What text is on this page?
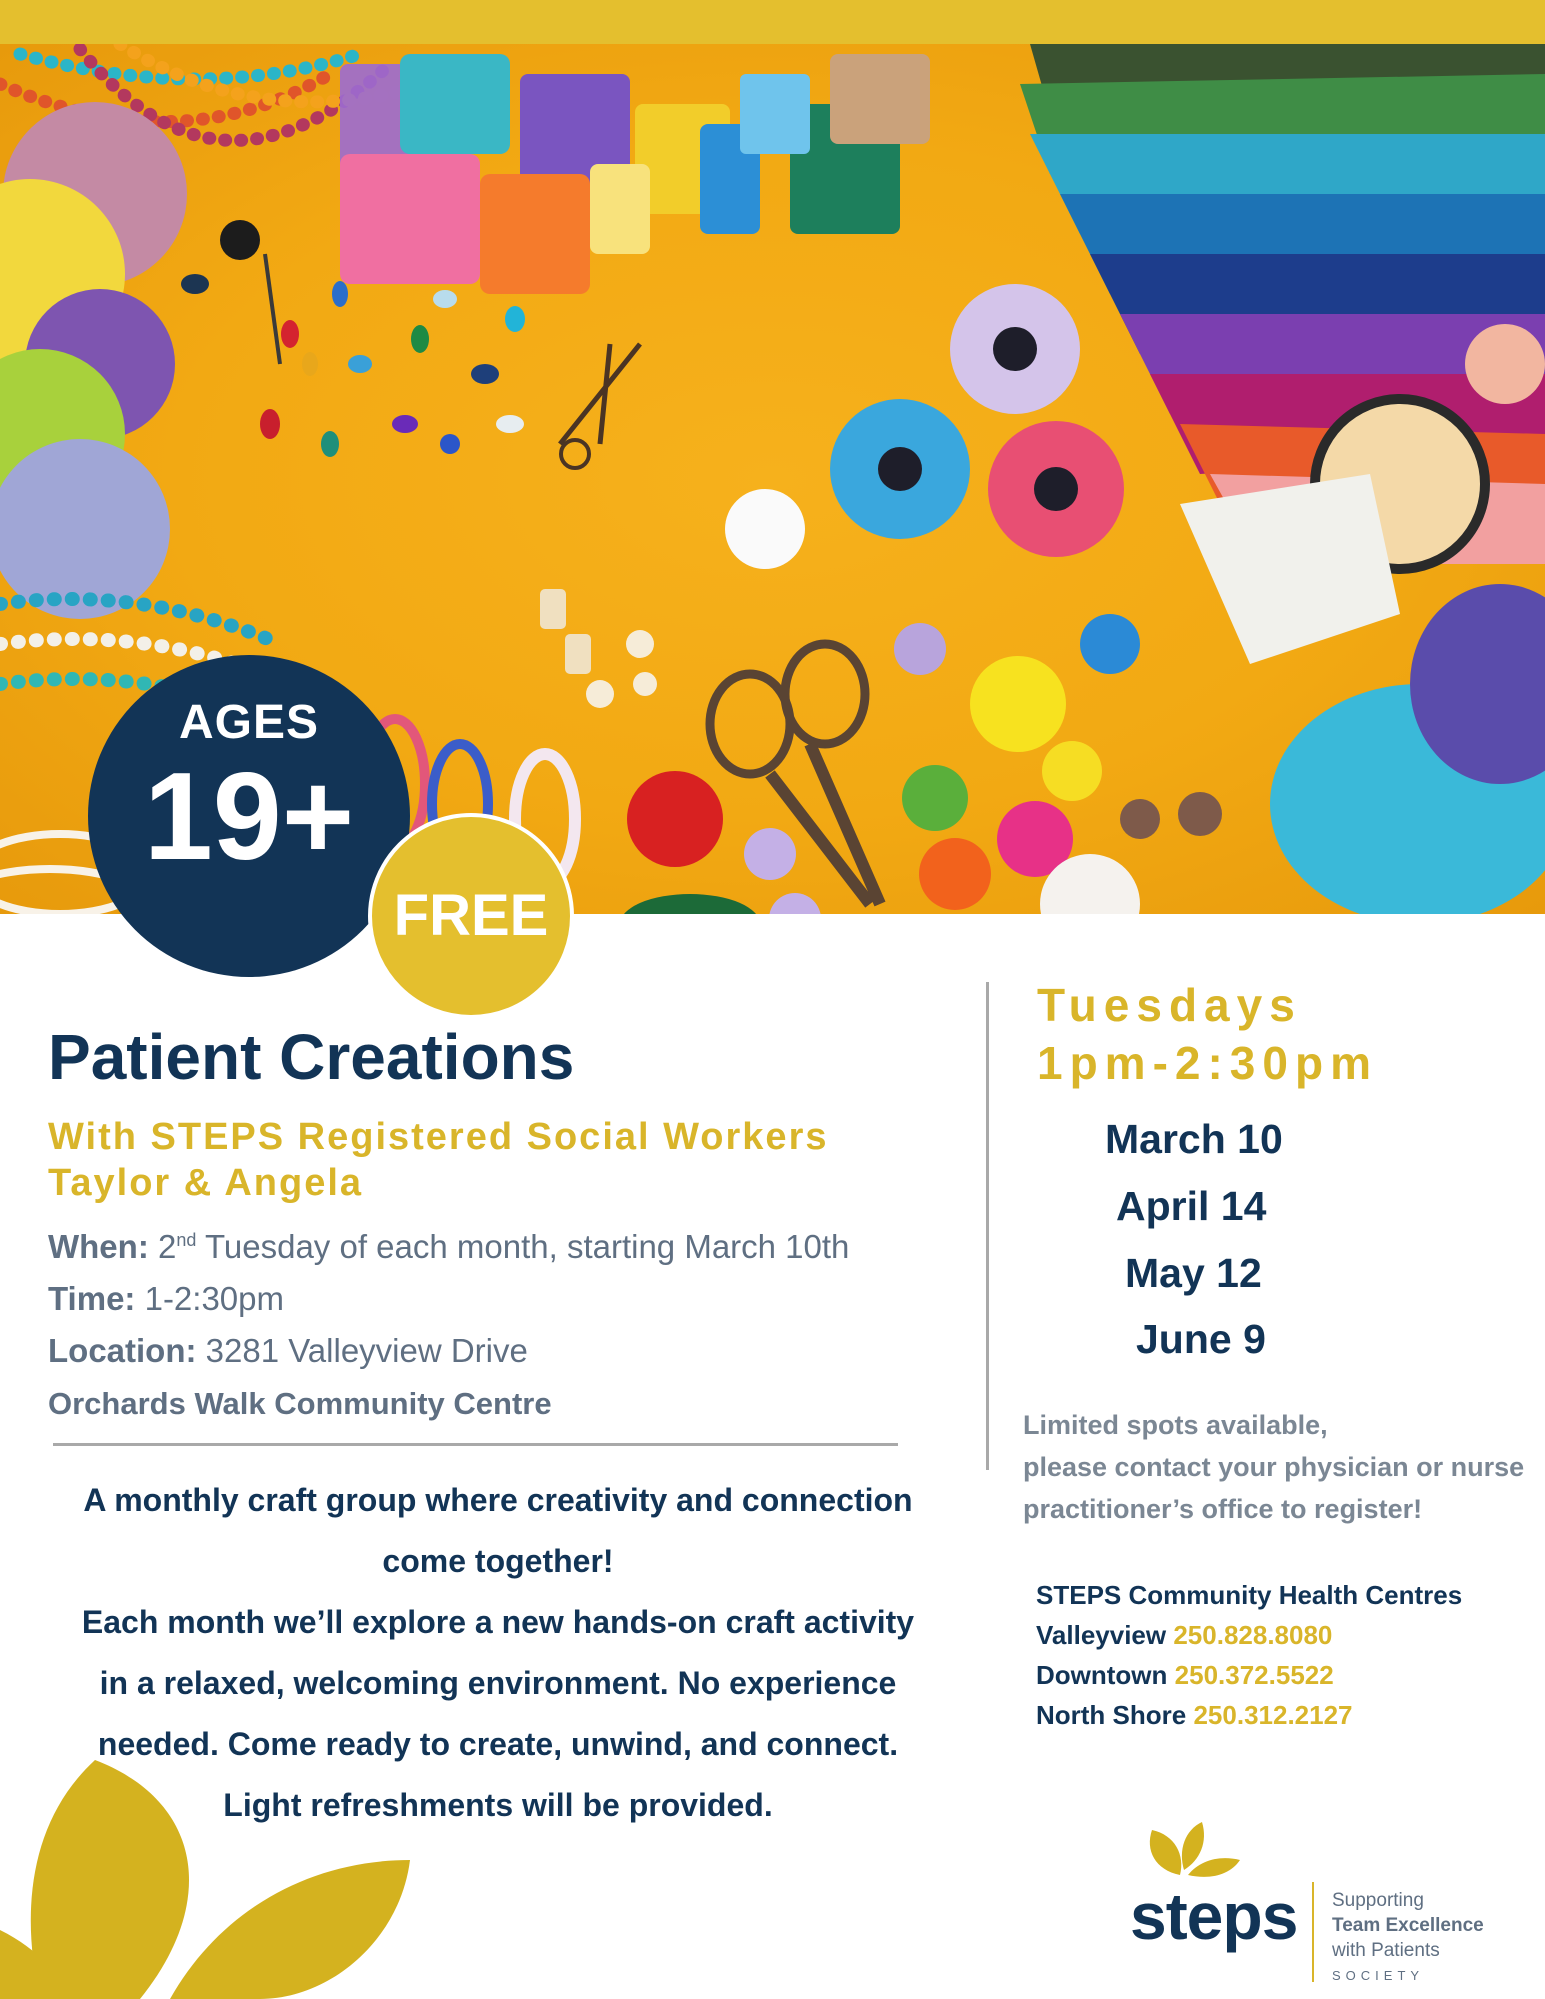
AGES
19+
FREE
Patient Creations
With STEPS Registered Social Workers
Taylor & Angela
When: 2nd Tuesday of each month, starting March 10th
Time: 1-2:30pm
Location: 3281 Valleyview Drive
Orchards Walk Community Centre
A monthly craft group where creativity and connection
come together!
Each month we’ll explore a new hands-on craft activity
in a relaxed, welcoming environment. No experience
needed. Come ready to create, unwind, and connect.
Light refreshments will be provided.
Tuesdays
1pm-2:30pm
March 10
April 14
May 12
June 9
Limited spots available,
please contact your physician or nurse
practitioner’s office to register!
STEPS Community Health Centres
Valleyview 250.828.8080
Downtown 250.372.5522
North Shore 250.312.2127
steps Supporting
Team Excellence
with Patients
SOCIETY
